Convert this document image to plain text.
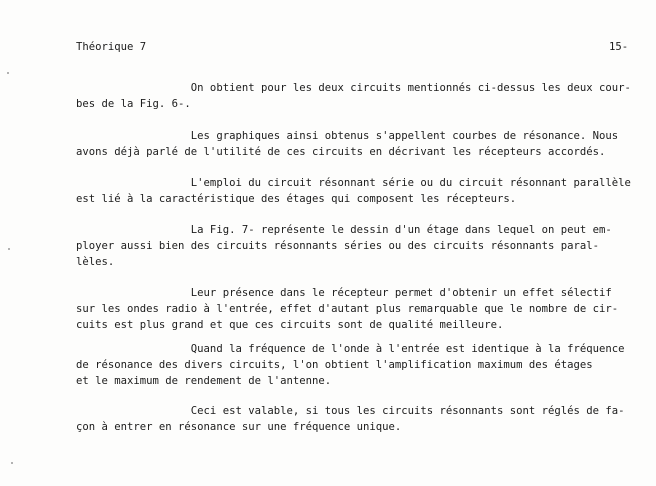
Théorique 7	15-

On obtient pour les deux circuits mentionnés ci-dessus les deux cour-
bes de la Fig. 6-.

Les graphiques ainsi obtenus s'appellent courbes de résonance. Nous
avons déjà parlé de l'utilité de ces circuits en décrivant les récepteurs accordés.

L'emploi du circuit résonnant série ou du circuit résonnant parallèle
est lié à la caractéristique des étages qui composent les récepteurs.

La Fig. 7- représente le dessin d'un étage dans lequel on peut em-
ployer aussi bien des circuits résonnants séries ou des circuits résonnants paral-
lèles.

Leur présence dans le récepteur permet d'obtenir un effet sélectif
sur les ondes radio à l'entrée, effet d'autant plus remarquable que le nombre de cir-
cuits est plus grand et que ces circuits sont de qualité meilleure.

Quand la fréquence de l'onde à l'entrée est identique à la fréquence
de résonance des divers circuits, l'on obtient l'amplification maximum des étages
et le maximum de rendement de l'antenne.

Ceci est valable, si tous les circuits résonnants sont réglés de fa-
çon à entrer en résonance sur une fréquence unique.
